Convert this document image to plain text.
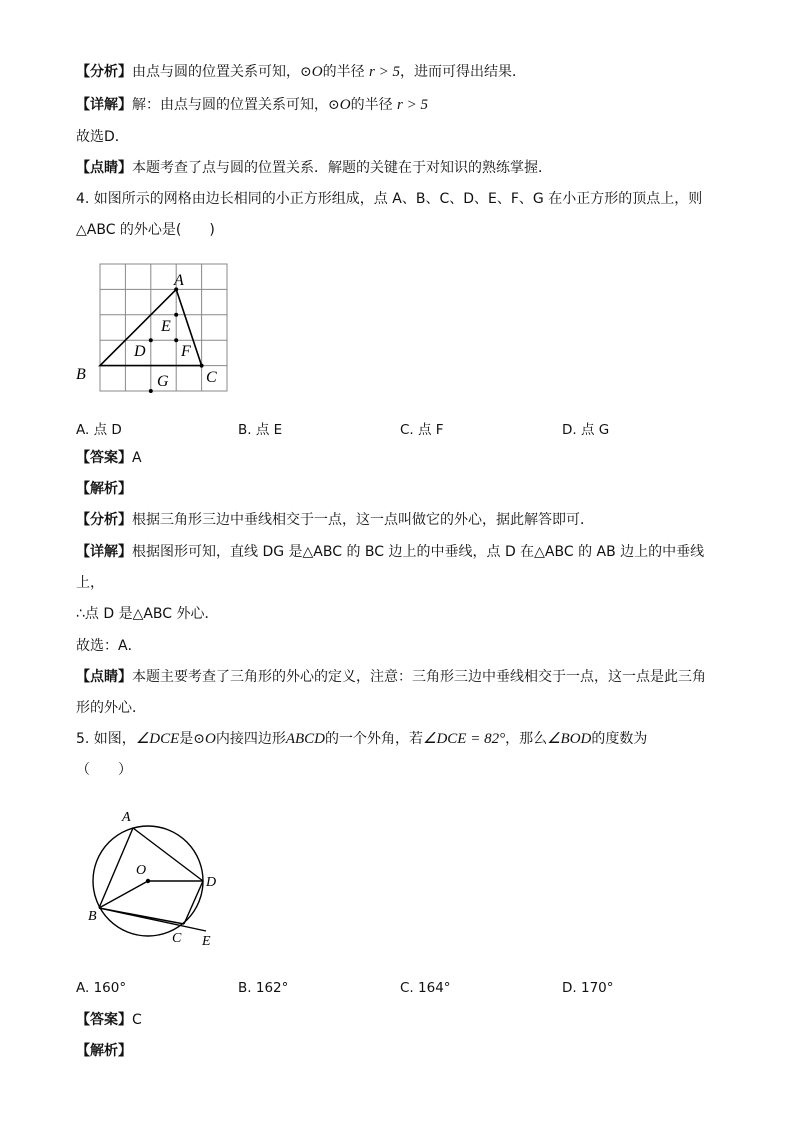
【分析】由点与圆的位置关系可知，⊙O的半径 r > 5，进而可得出结果．
【详解】解：由点与圆的位置关系可知，⊙O的半径 r > 5
故选D．
【点睛】本题考查了点与圆的位置关系．解题的关键在于对知识的熟练掌握．
4. 如图所示的网格由边长相同的小正方形组成，点 A、B、C、D、E、F、G 在小正方形的顶点上，则
△ABC 的外心是(　　)
A
B	C
D
E
F
G
A. 点 D	B. 点 E	C. 点 F	D. 点 G
【答案】A
【解析】
【分析】根据三角形三边中垂线相交于一点，这一点叫做它的外心，据此解答即可．
【详解】根据图形可知，直线 DG 是△ABC 的 BC 边上的中垂线，点 D 在△ABC 的 AB 边上的中垂线
上，
∴点 D 是△ABC 外心．
故选：A．
【点睛】本题主要考查了三角形的外心的定义，注意：三角形三边中垂线相交于一点，这一点是此三角
形的外心．
5. 如图，∠DCE是⊙O内接四边形ABCD的一个外角，若∠DCE = 82°，那么∠BOD的度数为
（　　）
A
B
C
D
E
O
A. 160°	B. 162°	C. 164°	D. 170°
【答案】C
【解析】
